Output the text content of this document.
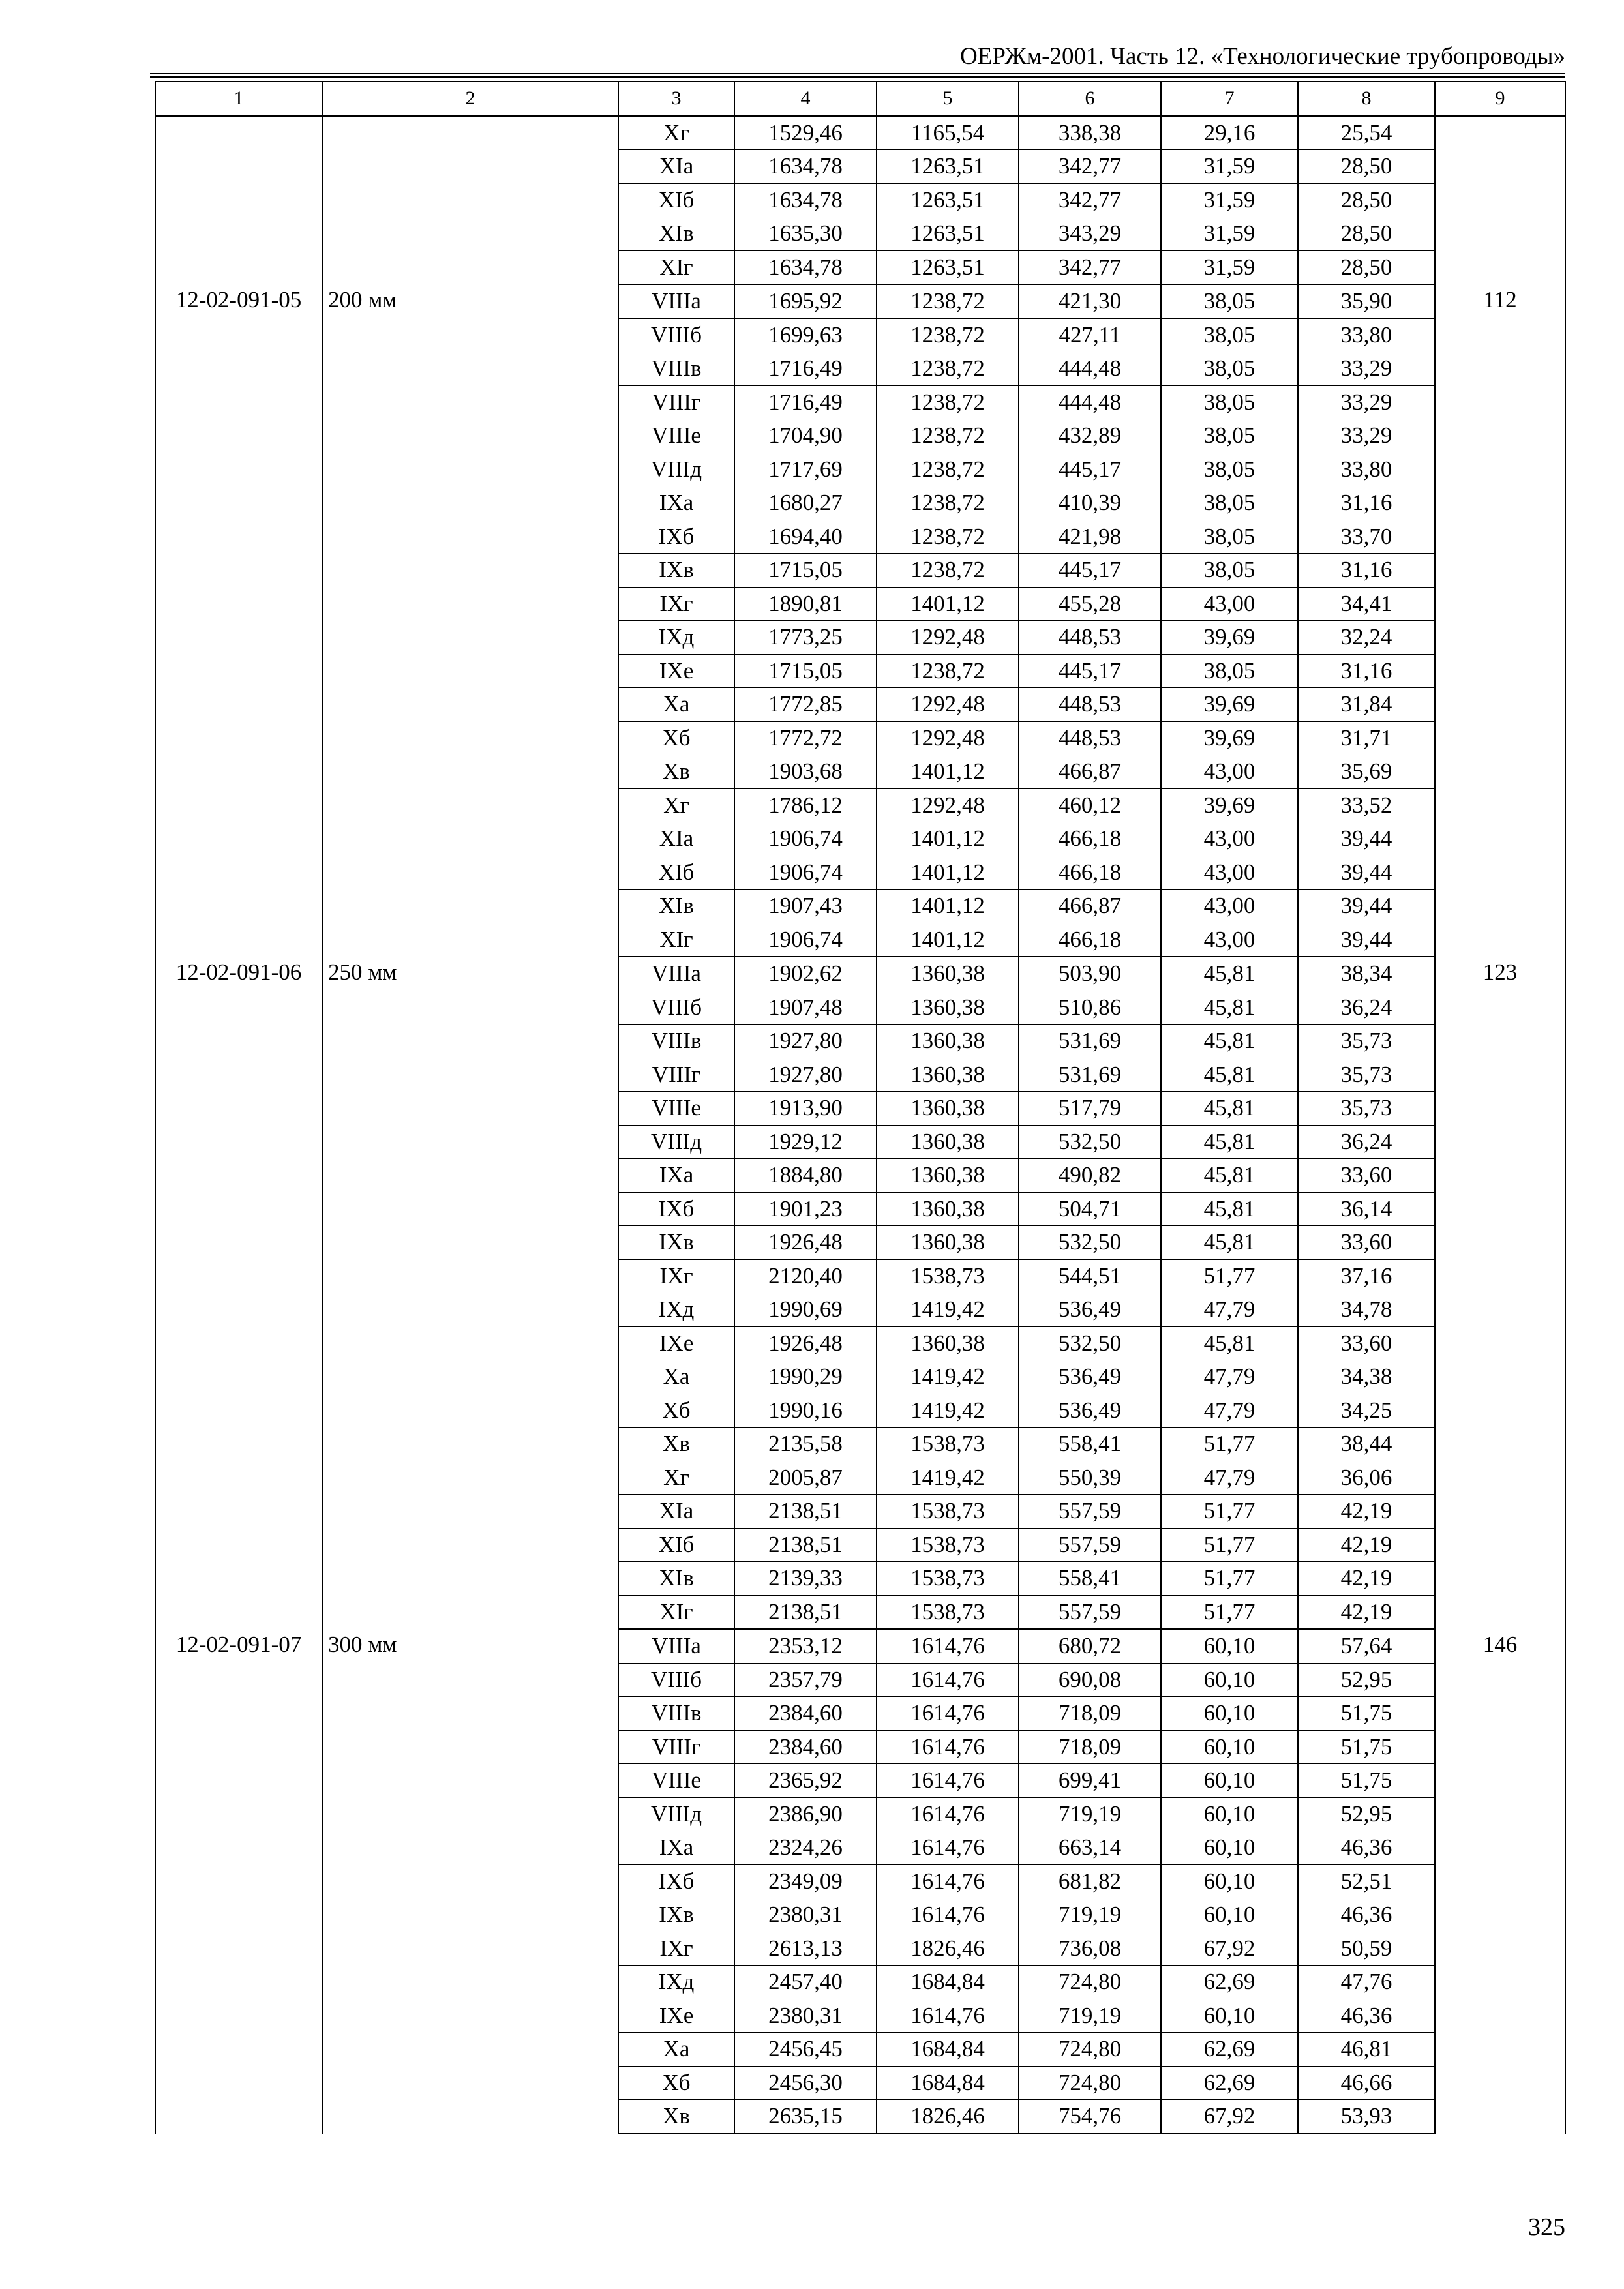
ОЕРЖм-2001. Часть 12. «Технологические трубопроводы»
1	2	3	4	5	6	7	8	9
		Xг	1529,46	1165,54	338,38	29,16	25,54	
		XIa	1634,78	1263,51	342,77	31,59	28,50	
		XIб	1634,78	1263,51	342,77	31,59	28,50	
		XIв	1635,30	1263,51	343,29	31,59	28,50	
		XIг	1634,78	1263,51	342,77	31,59	28,50	
12-02-091-05	200 мм	VIIIa	1695,92	1238,72	421,30	38,05	35,90	112
		VIIIб	1699,63	1238,72	427,11	38,05	33,80	
		VIIIв	1716,49	1238,72	444,48	38,05	33,29	
		VIIIг	1716,49	1238,72	444,48	38,05	33,29	
		VIIIe	1704,90	1238,72	432,89	38,05	33,29	
		VIIIд	1717,69	1238,72	445,17	38,05	33,80	
		IXa	1680,27	1238,72	410,39	38,05	31,16	
		IXб	1694,40	1238,72	421,98	38,05	33,70	
		IXв	1715,05	1238,72	445,17	38,05	31,16	
		IXг	1890,81	1401,12	455,28	43,00	34,41	
		IXд	1773,25	1292,48	448,53	39,69	32,24	
		IXe	1715,05	1238,72	445,17	38,05	31,16	
		Xa	1772,85	1292,48	448,53	39,69	31,84	
		Xб	1772,72	1292,48	448,53	39,69	31,71	
		Xв	1903,68	1401,12	466,87	43,00	35,69	
		Xг	1786,12	1292,48	460,12	39,69	33,52	
		XIa	1906,74	1401,12	466,18	43,00	39,44	
		XIб	1906,74	1401,12	466,18	43,00	39,44	
		XIв	1907,43	1401,12	466,87	43,00	39,44	
		XIг	1906,74	1401,12	466,18	43,00	39,44	
12-02-091-06	250 мм	VIIIa	1902,62	1360,38	503,90	45,81	38,34	123
		VIIIб	1907,48	1360,38	510,86	45,81	36,24	
		VIIIв	1927,80	1360,38	531,69	45,81	35,73	
		VIIIг	1927,80	1360,38	531,69	45,81	35,73	
		VIIIe	1913,90	1360,38	517,79	45,81	35,73	
		VIIIд	1929,12	1360,38	532,50	45,81	36,24	
		IXa	1884,80	1360,38	490,82	45,81	33,60	
		IXб	1901,23	1360,38	504,71	45,81	36,14	
		IXв	1926,48	1360,38	532,50	45,81	33,60	
		IXг	2120,40	1538,73	544,51	51,77	37,16	
		IXд	1990,69	1419,42	536,49	47,79	34,78	
		IXe	1926,48	1360,38	532,50	45,81	33,60	
		Xa	1990,29	1419,42	536,49	47,79	34,38	
		Xб	1990,16	1419,42	536,49	47,79	34,25	
		Xв	2135,58	1538,73	558,41	51,77	38,44	
		Xг	2005,87	1419,42	550,39	47,79	36,06	
		XIa	2138,51	1538,73	557,59	51,77	42,19	
		XIб	2138,51	1538,73	557,59	51,77	42,19	
		XIв	2139,33	1538,73	558,41	51,77	42,19	
		XIг	2138,51	1538,73	557,59	51,77	42,19	
12-02-091-07	300 мм	VIIIa	2353,12	1614,76	680,72	60,10	57,64	146
		VIIIб	2357,79	1614,76	690,08	60,10	52,95	
		VIIIв	2384,60	1614,76	718,09	60,10	51,75	
		VIIIг	2384,60	1614,76	718,09	60,10	51,75	
		VIIIe	2365,92	1614,76	699,41	60,10	51,75	
		VIIIд	2386,90	1614,76	719,19	60,10	52,95	
		IXa	2324,26	1614,76	663,14	60,10	46,36	
		IXб	2349,09	1614,76	681,82	60,10	52,51	
		IXв	2380,31	1614,76	719,19	60,10	46,36	
		IXг	2613,13	1826,46	736,08	67,92	50,59	
		IXд	2457,40	1684,84	724,80	62,69	47,76	
		IXe	2380,31	1614,76	719,19	60,10	46,36	
		Xa	2456,45	1684,84	724,80	62,69	46,81	
		Xб	2456,30	1684,84	724,80	62,69	46,66	
		Xв	2635,15	1826,46	754,76	67,92	53,93	
325
